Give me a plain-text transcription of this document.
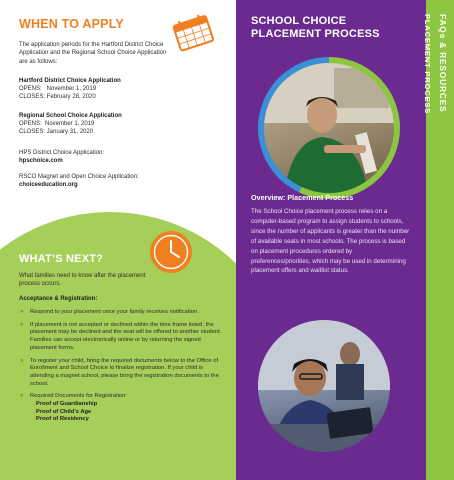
WHEN TO APPLY

The application periods for the Hartford District Choice Application and the Regional School Choice Application are as follows:

Hartford District Choice Application
OPENS:   November 1, 2019
CLOSES: February 28, 2020
Regional School Choice Application
OPENS:  November 1, 2019
CLOSES: January 31, 2020
HPS District Choice Application:
hpschoice.com
RSCO Magnet and Open Choice Application:
choiceeducation.org
WHAT’S NEXT?

What families need to know after the placement process occurs.

Acceptance & Registration:

» Respond to your placement once your family receives notification.
» If placement is not accepted or declined within the time frame listed, the placement may be declined and the seat will be offered to another student. Families can accept electronically online or by returning the signed placement forms.
» To register your child, bring the required documents below to the Office of Enrollment and School Choice to finalize registration. If your child is attending a magnet school, please bring the registration documents to the school.
» Required Documents for Registration:
Proof of Guardianship
Proof of Child’s Age
Proof of Residency
SCHOOL CHOICE
PLACEMENT PROCESS
Overview: Placement Process

The School Choice placement process relies on a computer-based program to assign students to schools, since the number of applicants is greater than the number of available seats in most schools. The process is based on placement procedures ordered by preferences/priorities, which may be used in determining placement offers and waitlist status.

PLACEMENT PROCESS FAQs & RESOURCES
